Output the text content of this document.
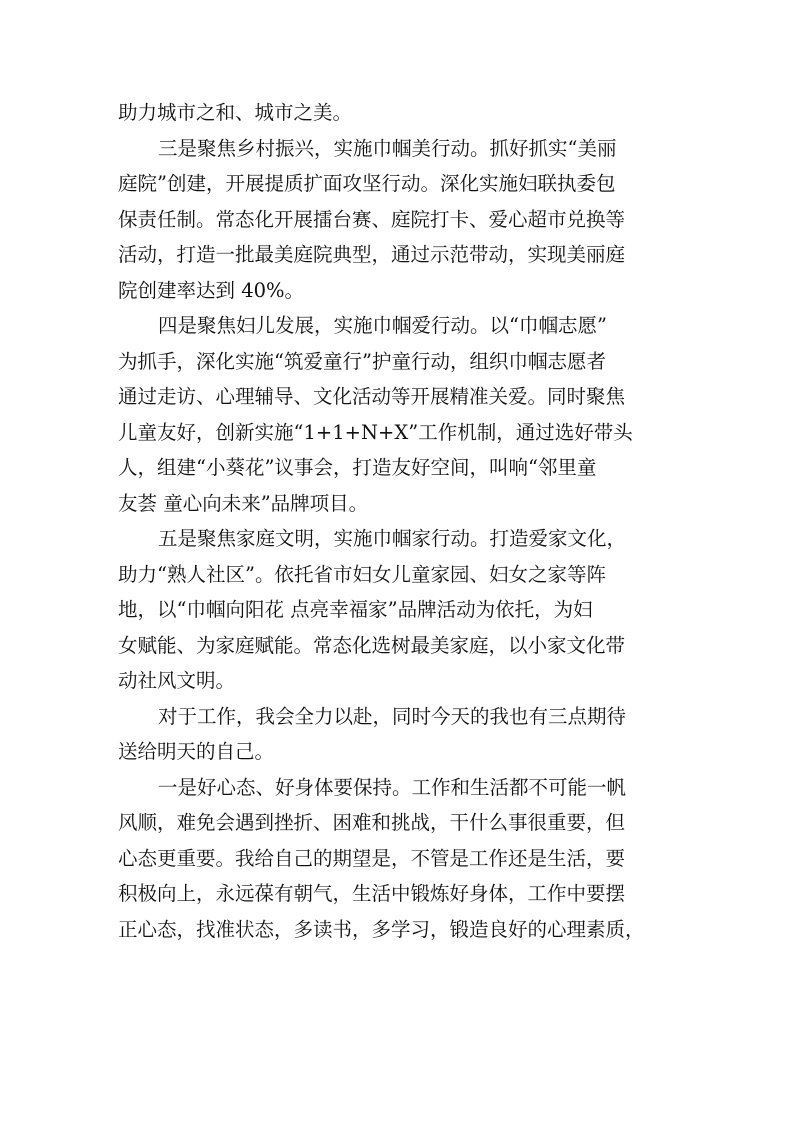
助力城市之和、城市之美。
三是聚焦乡村振兴，实施巾帼美行动。抓好抓实“美丽
庭院”创建，开展提质扩面攻坚行动。深化实施妇联执委包
保责任制。常态化开展擂台赛、庭院打卡、爱心超市兑换等
活动，打造一批最美庭院典型，通过示范带动，实现美丽庭
院创建率达到 40%。
四是聚焦妇儿发展，实施巾帼爱行动。以“巾帼志愿”
为抓手，深化实施“筑爱童行”护童行动，组织巾帼志愿者
通过走访、心理辅导、文化活动等开展精准关爱。同时聚焦
儿童友好，创新实施“1+1+N+X”工作机制，通过选好带头
人，组建“小葵花”议事会，打造友好空间，叫响“邻里童
友荟 童心向未来”品牌项目。
五是聚焦家庭文明，实施巾帼家行动。打造爱家文化，
助力“熟人社区”。依托省市妇女儿童家园、妇女之家等阵
地，以“巾帼向阳花 点亮幸福家”品牌活动为依托，为妇
女赋能、为家庭赋能。常态化选树最美家庭，以小家文化带
动社风文明。
对于工作，我会全力以赴，同时今天的我也有三点期待
送给明天的自己。
一是好心态、好身体要保持。工作和生活都不可能一帆
风顺，难免会遇到挫折、困难和挑战，干什么事很重要，但
心态更重要。我给自己的期望是，不管是工作还是生活，要
积极向上，永远葆有朝气，生活中锻炼好身体，工作中要摆
正心态，找准状态，多读书，多学习，锻造良好的心理素质，
